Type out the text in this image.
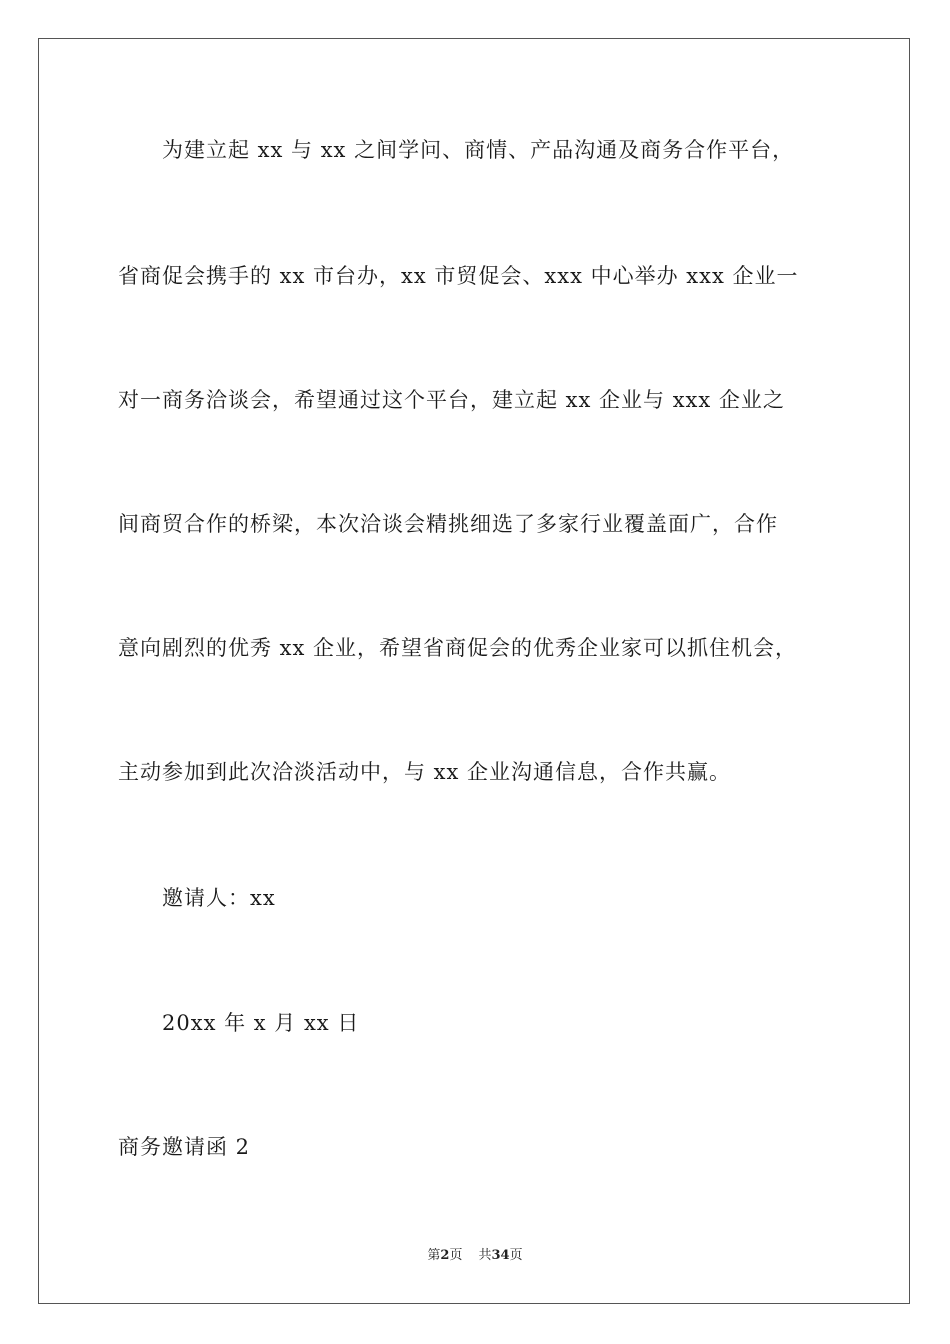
为建立起 xx 与 xx 之间学问、商情、产品沟通及商务合作平台，
省商促会携手的 xx 市台办，xx 市贸促会、xxx 中心举办 xxx 企业一
对一商务洽谈会，希望通过这个平台，建立起 xx 企业与 xxx 企业之
间商贸合作的桥梁，本次洽谈会精挑细选了多家行业覆盖面广，合作
意向剧烈的优秀 xx 企业，希望省商促会的优秀企业家可以抓住机会，
主动参加到此次洽淡活动中，与 xx 企业沟通信息，合作共赢。
邀请人：xx
20xx 年 x 月 xx 日
商务邀请函 2
第2页 共34页
